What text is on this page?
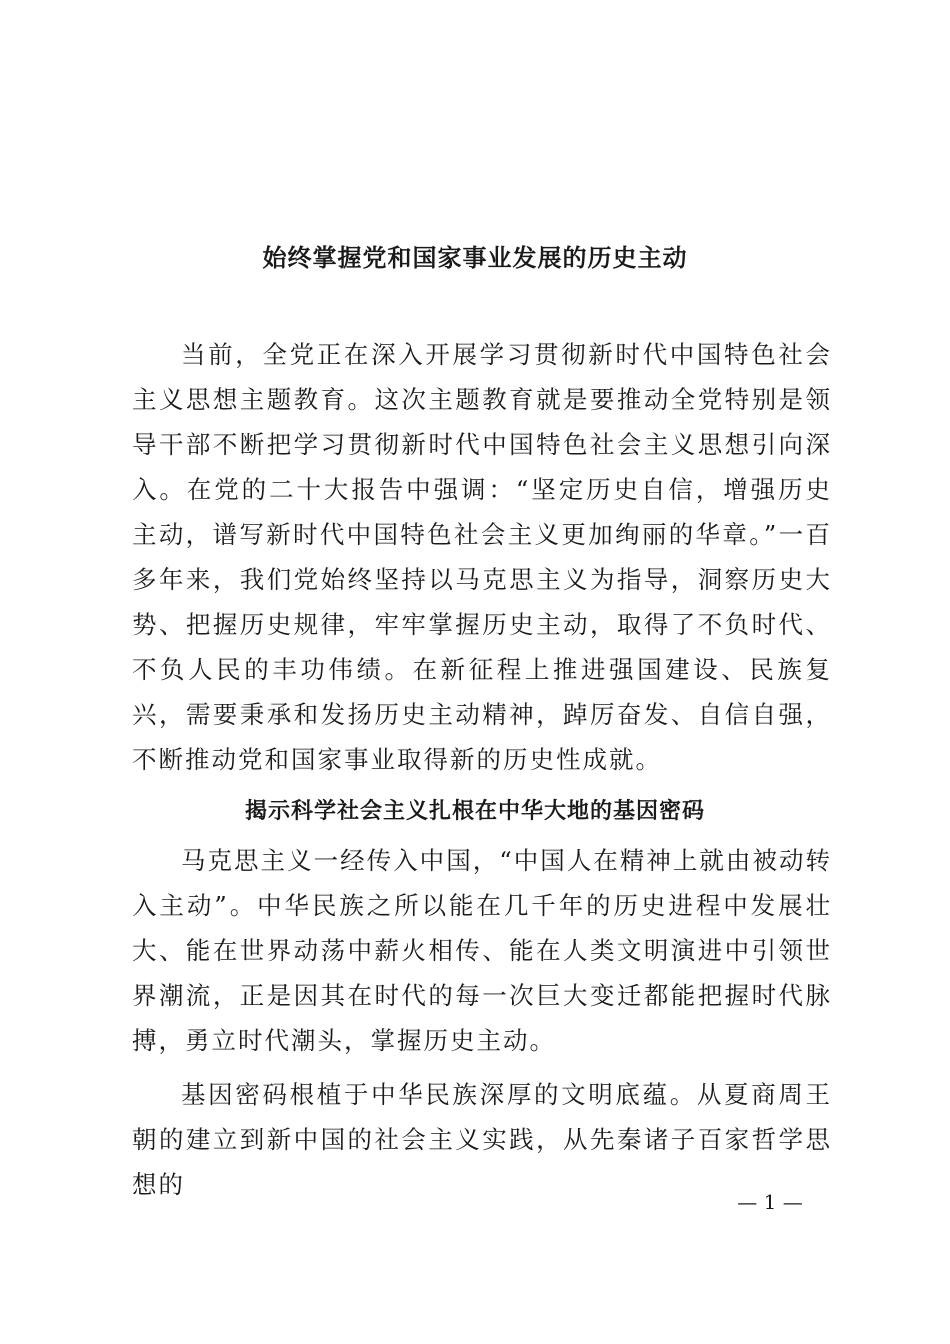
始终掌握党和国家事业发展的历史主动

当前，全党正在深入开展学习贯彻新时代中国特色社会主义思想主题教育。这次主题教育就是要推动全党特别是领导干部不断把学习贯彻新时代中国特色社会主义思想引向深入。在党的二十大报告中强调：“坚定历史自信，增强历史主动，谱写新时代中国特色社会主义更加绚丽的华章。”一百多年来，我们党始终坚持以马克思主义为指导，洞察历史大势、把握历史规律，牢牢掌握历史主动，取得了不负时代、不负人民的丰功伟绩。在新征程上推进强国建设、民族复兴，需要秉承和发扬历史主动精神，踔厉奋发、自信自强，不断推动党和国家事业取得新的历史性成就。

揭示科学社会主义扎根在中华大地的基因密码

马克思主义一经传入中国，“中国人在精神上就由被动转入主动”。中华民族之所以能在几千年的历史进程中发展壮大、能在世界动荡中薪火相传、能在人类文明演进中引领世界潮流，正是因其在时代的每一次巨大变迁都能把握时代脉搏，勇立时代潮头，掌握历史主动。

基因密码根植于中华民族深厚的文明底蕴。从夏商周王朝的建立到新中国的社会主义实践，从先秦诸子百家哲学思想的

— 1 —
